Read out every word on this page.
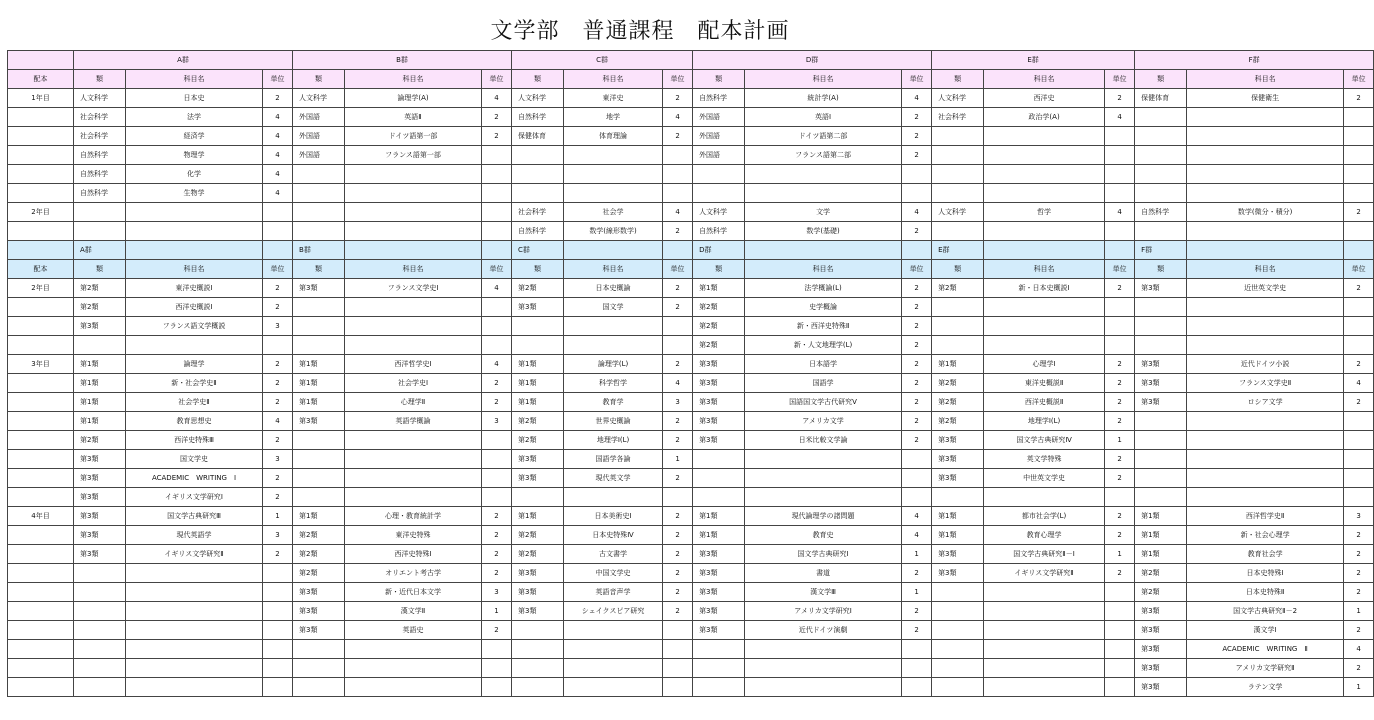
文学部　普通課程　配本計画
	A群			B群			C群			D群			E群			F群		
配本	類	科目名	単位	類	科目名	単位	類	科目名	単位	類	科目名	単位	類	科目名	単位	類	科目名	単位
1年目	人文科学	日本史	2	人文科学	論理学(A)	4	人文科学	東洋史	2	自然科学	統計学(A)	4	人文科学	西洋史	2	保健体育	保健衛生	2
	社会科学	法学	4	外国語	英語Ⅱ	2	自然科学	地学	4	外国語	英語Ⅰ	2	社会科学	政治学(A)	4			
	社会科学	経済学	4	外国語	ドイツ語第一部	2	保健体育	体育理論	2	外国語	ドイツ語第二部	2						
	自然科学	物理学	4	外国語	フランス語第一部					外国語	フランス語第二部	2						
	自然科学	化学	4															
	自然科学	生物学	4															
2年目							社会科学	社会学	4	人文科学	文学	4	人文科学	哲学	4	自然科学	数学(微分・積分)	2
							自然科学	数学(線形数学)	2	自然科学	数学(基礎)	2						
	A群			B群			C群			D群			E群			F群		
配本	類	科目名	単位	類	科目名	単位	類	科目名	単位	類	科目名	単位	類	科目名	単位	類	科目名	単位
2年目	第2類	東洋史概説Ⅰ	2	第3類	フランス文学史Ⅰ	4	第2類	日本史概論	2	第1類	法学概論(L)	2	第2類	新・日本史概説Ⅰ	2	第3類	近世英文学史	2
	第2類	西洋史概説Ⅰ	2				第3類	国文学	2	第2類	史学概論	2						
	第3類	フランス語文学概説	3							第2類	新・西洋史特殊Ⅱ	2						
										第2類	新・人文地理学(L)	2						
3年目	第1類	論理学	2	第1類	西洋哲学史Ⅰ	4	第1類	論理学(L)	2	第3類	日本語学	2	第1類	心理学Ⅰ	2	第3類	近代ドイツ小説	2
	第1類	新・社会学史Ⅱ	2	第1類	社会学史Ⅰ	2	第1類	科学哲学	4	第3類	国語学	2	第2類	東洋史概説Ⅱ	2	第3類	フランス文学史Ⅱ	4
	第1類	社会学史Ⅱ	2	第1類	心理学Ⅱ	2	第1類	教育学	3	第3類	国語国文学古代研究Ⅴ	2	第2類	西洋史概説Ⅱ	2	第3類	ロシア文学	2
	第1類	教育思想史	4	第3類	英語学概論	3	第2類	世界史概論	2	第3類	アメリカ文学	2	第2類	地理学Ⅰ(L)	2			
	第2類	西洋史特殊Ⅲ	2				第2類	地理学Ⅰ(L)	2	第3類	日米比較文学論	2	第3類	国文学古典研究Ⅳ	1			
	第3類	国文学史	3				第3類	国語学各論	1				第3類	英文学特殊	2			
	第3類	ACADEMIC　WRITING　Ⅰ	2				第3類	現代英文学	2				第3類	中世英文学史	2			
	第3類	イギリス文学研究Ⅰ	2															
4年目	第3類	国文学古典研究Ⅲ	1	第1類	心理・教育統計学	2	第1類	日本美術史Ⅰ	2	第1類	現代論理学の諸問題	4	第1類	都市社会学(L)	2	第1類	西洋哲学史Ⅱ	3
	第3類	現代英語学	3	第2類	東洋史特殊	2	第2類	日本史特殊Ⅳ	2	第1類	教育史	4	第1類	教育心理学	2	第1類	新・社会心理学	2
	第3類	イギリス文学研究Ⅱ	2	第2類	西洋史特殊Ⅰ	2	第2類	古文書学	2	第3類	国文学古典研究Ⅰ	1	第3類	国文学古典研究Ⅱ－Ⅰ	1	第1類	教育社会学	2
				第2類	オリエント考古学	2	第3類	中国文学史	2	第3類	書道	2	第3類	イギリス文学研究Ⅱ	2	第2類	日本史特殊Ⅰ	2
				第3類	新・近代日本文学	3	第3類	英語音声学	2	第3類	漢文学Ⅲ	1				第2類	日本史特殊Ⅱ	2
				第3類	漢文学Ⅱ	1	第3類	シェイクスピア研究	2	第3類	アメリカ文学研究Ⅰ	2				第3類	国文学古典研究Ⅱ－2	1
				第3類	英語史	2				第3類	近代ドイツ演劇	2				第3類	漢文学Ⅰ	2
																第3類	ACADEMIC　WRITING　Ⅱ	4
																第3類	アメリカ文学研究Ⅱ	2
																第3類	ラテン文学	1
